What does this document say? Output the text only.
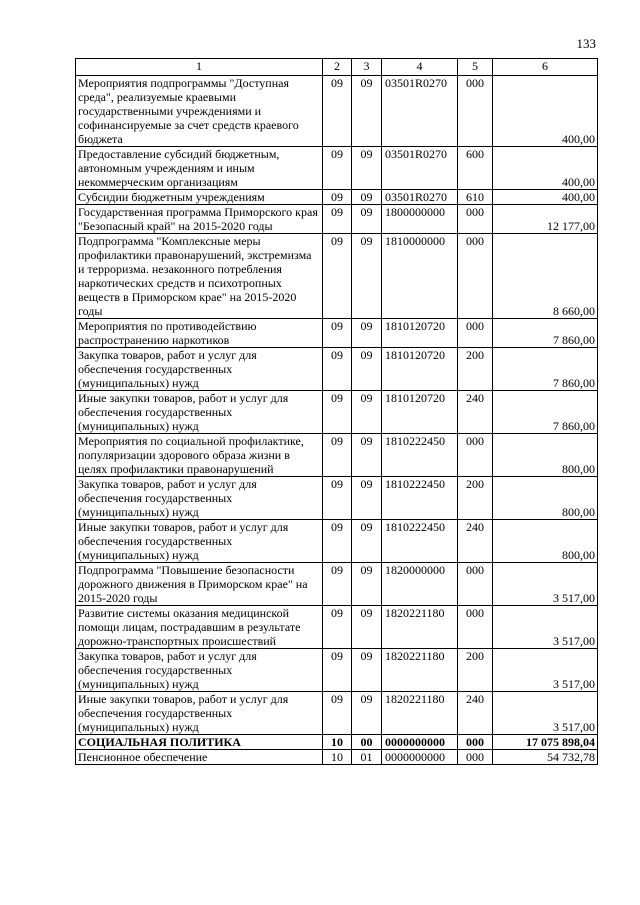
133
1	2	3	4	5	6
Мероприятия подпрограммы "Доступная среда", реализуемые краевыми государственными учреждениями и софинансируемые за счет средств краевого бюджета	09	09	03501R0270	000	400,00
Предоставление субсидий бюджетным, автономным учреждениям и иным некоммерческим организациям	09	09	03501R0270	600	400,00
Субсидии бюджетным учреждениям	09	09	03501R0270	610	400,00
Государственная программа Приморского края "Безопасный край" на 2015-2020 годы	09	09	1800000000	000	12 177,00
Подпрограмма "Комплексные меры профилактики правонарушений, экстремизма и терроризма. незаконного потребления наркотических средств и психотропных веществ в Приморском крае" на 2015-2020 годы	09	09	1810000000	000	8 660,00
Мероприятия по противодействию распространению наркотиков	09	09	1810120720	000	7 860,00
Закупка товаров, работ и услуг для обеспечения государственных (муниципальных) нужд	09	09	1810120720	200	7 860,00
Иные закупки товаров, работ и услуг для обеспечения государственных (муниципальных) нужд	09	09	1810120720	240	7 860,00
Мероприятия по социальной профилактике, популяризации здорового образа жизни в целях профилактики правонарушений	09	09	1810222450	000	800,00
Закупка товаров, работ и услуг для обеспечения государственных (муниципальных) нужд	09	09	1810222450	200	800,00
Иные закупки товаров, работ и услуг для обеспечения государственных (муниципальных) нужд	09	09	1810222450	240	800,00
Подпрограмма "Повышение безопасности дорожного движения в Приморском крае" на 2015-2020 годы	09	09	1820000000	000	3 517,00
Развитие системы оказания медицинской помощи лицам, пострадавшим в результате дорожно-транспортных происшествий	09	09	1820221180	000	3 517,00
Закупка товаров, работ и услуг для обеспечения государственных (муниципальных) нужд	09	09	1820221180	200	3 517,00
Иные закупки товаров, работ и услуг для обеспечения государственных (муниципальных) нужд	09	09	1820221180	240	3 517,00
СОЦИАЛЬНАЯ ПОЛИТИКА	10	00	0000000000	000	17 075 898,04
Пенсионное обеспечение	10	01	0000000000	000	54 732,78
